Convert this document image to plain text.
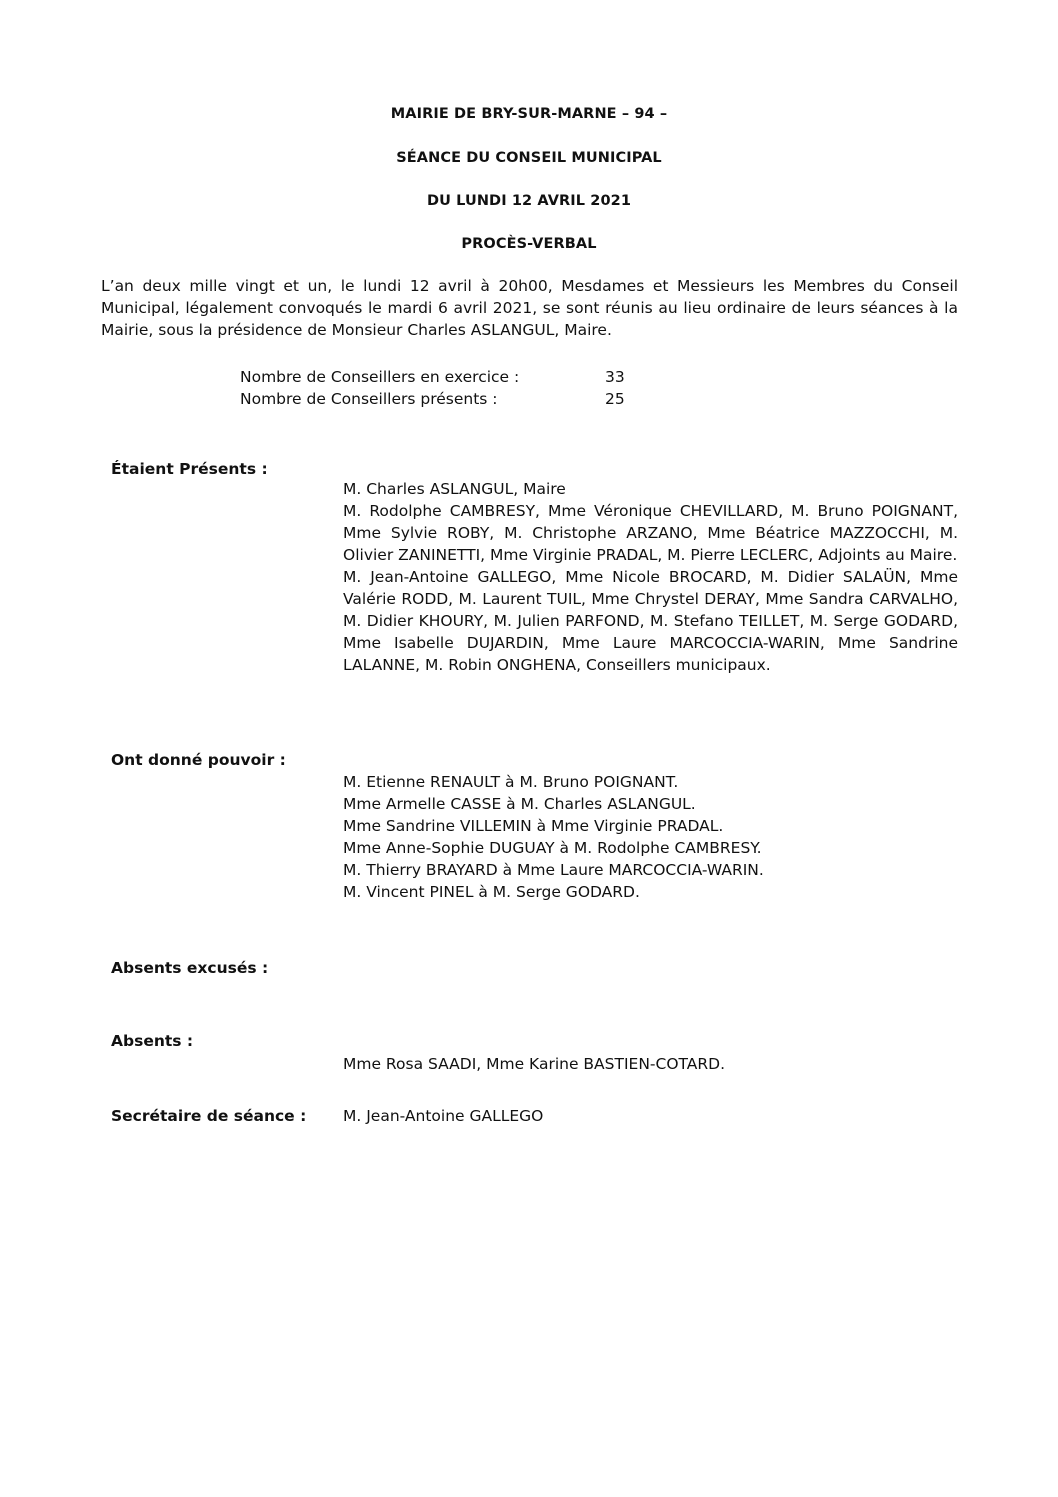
MAIRIE DE BRY-SUR-MARNE – 94 –
SÉANCE DU CONSEIL MUNICIPAL
DU LUNDI 12 AVRIL 2021
PROCÈS-VERBAL
L’an deux mille vingt et un, le lundi 12 avril à 20h00, Mesdames et Messieurs les Membres du Conseil Municipal, légalement convoqués le mardi 6 avril 2021, se sont réunis au lieu ordinaire de leurs séances à la Mairie, sous la présidence de Monsieur Charles ASLANGUL, Maire.
Nombre de Conseillers en exercice :	33
Nombre de Conseillers présents :	25
Étaient Présents :

M. Charles ASLANGUL, Maire

M. Rodolphe CAMBRESY, Mme Véronique CHEVILLARD, M. Bruno POIGNANT, Mme Sylvie ROBY, M. Christophe ARZANO, Mme Béatrice MAZZOCCHI, M. Olivier ZANINETTI, Mme Virginie PRADAL, M. Pierre LECLERC, Adjoints au Maire.

M. Jean-Antoine GALLEGO, Mme Nicole BROCARD, M. Didier SALAÜN, Mme Valérie RODD, M. Laurent TUIL, Mme Chrystel DERAY, Mme Sandra CARVALHO, M. Didier KHOURY, M. Julien PARFOND, M. Stefano TEILLET, M. Serge GODARD, Mme Isabelle DUJARDIN, Mme Laure MARCOCCIA-WARIN, Mme Sandrine LALANNE, M. Robin ONGHENA, Conseillers municipaux.

Ont donné pouvoir :
M. Etienne RENAULT à M. Bruno POIGNANT.
Mme Armelle CASSE à M. Charles ASLANGUL.
Mme Sandrine VILLEMIN à Mme Virginie PRADAL.
Mme Anne-Sophie DUGUAY à M. Rodolphe CAMBRESY.
M. Thierry BRAYARD à Mme Laure MARCOCCIA-WARIN.
M. Vincent PINEL à M. Serge GODARD.
Absents excusés :
Absents :
Mme Rosa SAADI, Mme Karine BASTIEN-COTARD.
Secrétaire de séance : M. Jean-Antoine GALLEGO
